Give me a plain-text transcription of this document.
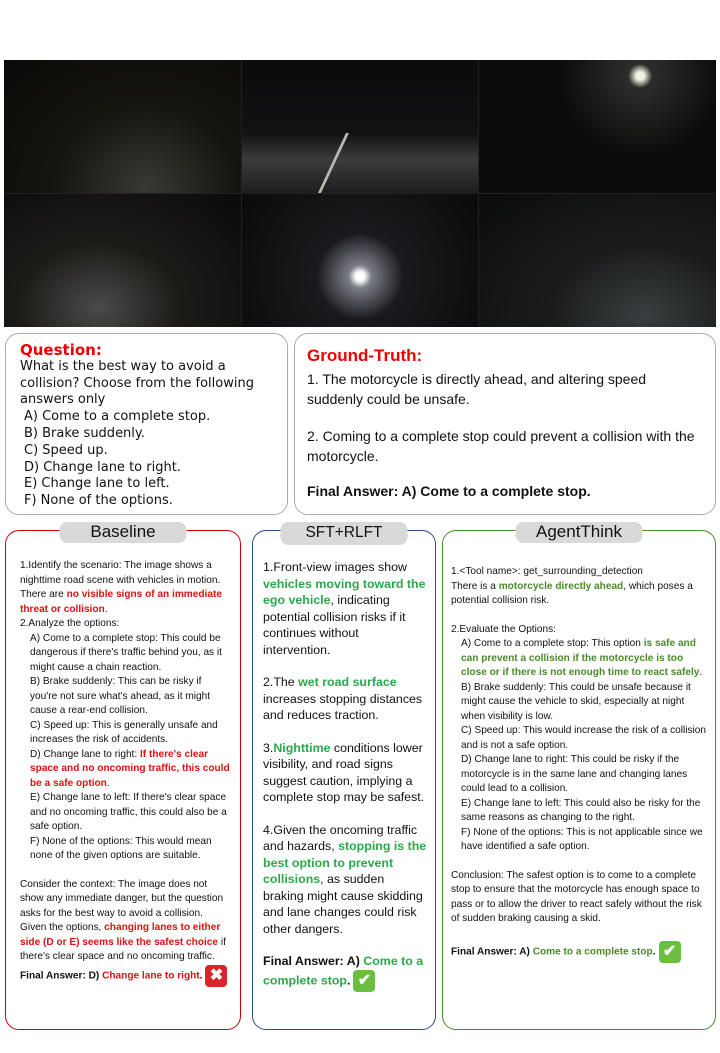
Question:
What is the best way to avoid a collision? Choose from the following answers only
A) Come to a complete stop.
B) Brake suddenly.
C) Speed up.
D) Change lane to right.
E) Change lane to left.
F) None of the options.
Ground-Truth:

1. The motorcycle is directly ahead, and altering speed suddenly could be unsafe.

2. Coming to a complete stop could prevent a collision with the motorcycle.

Final Answer: A) Come to a complete stop.
Baseline
1.Identify the scenario: The image shows a nighttime road scene with vehicles in motion. There are no visible signs of an immediate threat or collision.
2.Analyze the options:
A) Come to a complete stop: This could be dangerous if there's traffic behind you, as it might cause a chain reaction.
B) Brake suddenly: This can be risky if you're not sure what's ahead, as it might cause a rear-end collision.
C) Speed up: This is generally unsafe and increases the risk of accidents.
D) Change lane to right: If there's clear space and no oncoming traffic, this could be a safe option.
E) Change lane to left: If there's clear space and no oncoming traffic, this could also be a safe option.
F) None of the options: This would mean none of the given options are suitable.
Consider the context: The image does not show any immediate danger, but the question asks for the best way to avoid a collision. Given the options, changing lanes to either side (D or E) seems like the safest choice if there's clear space and no oncoming traffic.
Final Answer: D) Change lane to right. ✖
SFT+RLFT
1.Front-view images show vehicles moving toward the ego vehicle, indicating potential collision risks if it continues without intervention.
2.The wet road surface increases stopping distances and reduces traction.
3.Nighttime conditions lower visibility, and road signs suggest caution, implying a complete stop may be safest.
4.Given the oncoming traffic and hazards, stopping is the best option to prevent collisions, as sudden braking might cause skidding and lane changes could risk other dangers.
Final Answer: A) Come to a complete stop. ✔
AgentThink
1.<Tool name>: get_surrounding_detection
There is a motorcycle directly ahead, which poses a potential collision risk.
2.Evaluate the Options:
A) Come to a complete stop: This option is safe and can prevent a collision if the motorcycle is too close or if there is not enough time to react safely.
B) Brake suddenly: This could be unsafe because it might cause the vehicle to skid, especially at night when visibility is low.
C) Speed up: This would increase the risk of a collision and is not a safe option.
D) Change lane to right: This could be risky if the motorcycle is in the same lane and changing lanes could lead to a collision.
E) Change lane to left: This could also be risky for the same reasons as changing to the right.
F) None of the options: This is not applicable since we have identified a safe option.
Conclusion: The safest option is to come to a complete stop to ensure that the motorcycle has enough space to pass or to allow the driver to react safely without the risk of sudden braking causing a skid.
Final Answer: A) Come to a complete stop. ✔
